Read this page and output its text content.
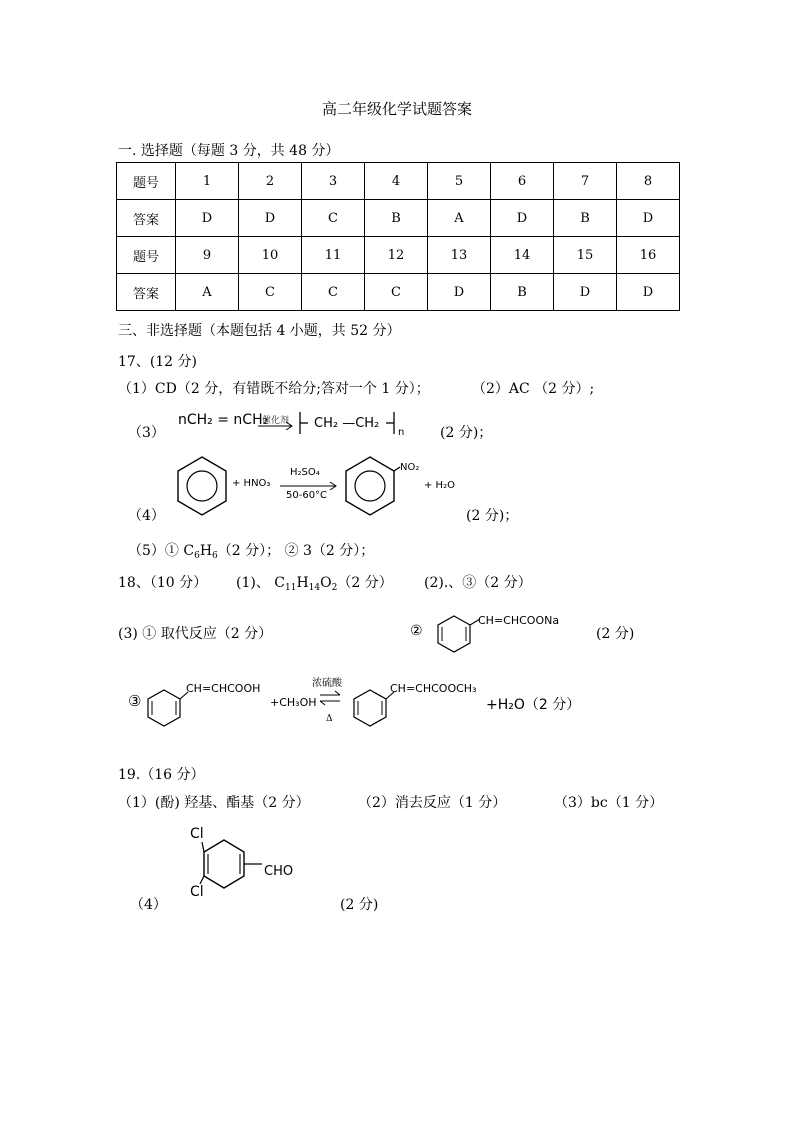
高二年级化学试题答案
一. 选择题（每题 3 分，共 48 分）
题号	1	2	3	4	5	6	7	8
答案	D	D	C	B	A	D	B	D
题号	9	10	11	12	13	14	15	16
答案	A	C	C	C	D	B	D	D
三、非选择题（本题包括 4 小题，共 52 分）
17、(12 分)
（1）CD（2 分，有错既不给分;答对一个 1 分）；	（2）AC （2 分）;
（3）
nCH₂ = nCH₂
催化剂 CH₂ —CH₂
n	(2 分)；
（4）
+ HNO₃
H₂SO₄
50-60°C
NO₂
+ H₂O
(2 分)；
（5）① $C_6H_6(2$ 分）； ② 3（2 分）；
18、（10 分） (1)、 $C_{11}H_{14}O_2(2$ 分） (2).、③（2 分）
(3) ① 取代反应（2 分）	②
CH=CHCOONa
(2 分)
③
CH=CHCOOH
+CH₃OH
浓硫酸
Δ
CH=CHCOOCH₃
+H₂O（2 分）
19.（16 分）
（1）(酚) 羟基、酯基（2 分）	（2）消去反应（1 分）	（3）bc（1 分）
（4）
Cl
Cl
CHO
(2 分)
